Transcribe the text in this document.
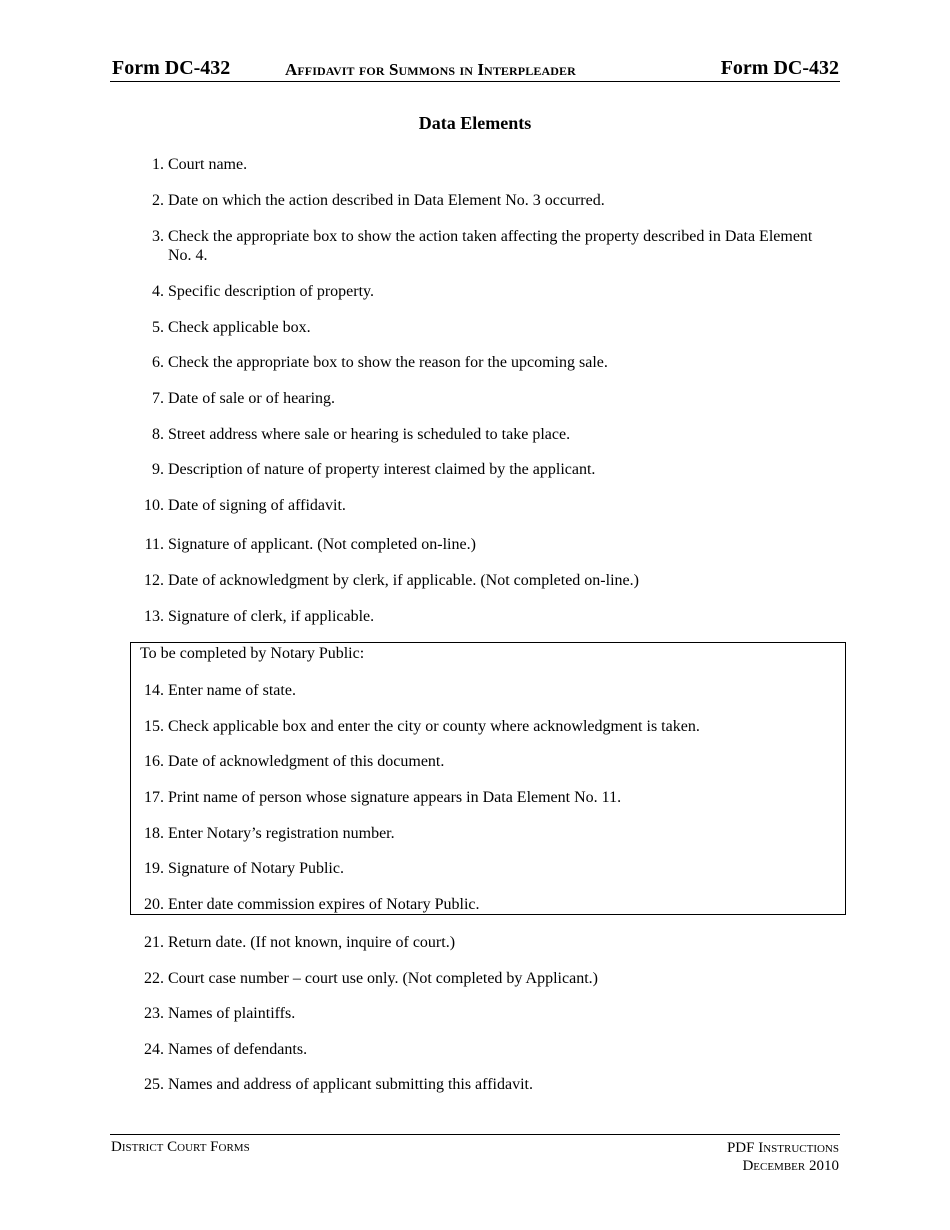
Form DC-432	Affidavit for Summons in Interpleader	Form DC-432
Data Elements
1. Court name.
2. Date on which the action described in Data Element No. 3 occurred.
3. Check the appropriate box to show the action taken affecting the property described in Data Element No. 4.
4. Specific description of property.
5. Check applicable box.
6. Check the appropriate box to show the reason for the upcoming sale.
7. Date of sale or of hearing.
8. Street address where sale or hearing is scheduled to take place.
9. Description of nature of property interest claimed by the applicant.
10. Date of signing of affidavit.
11. Signature of applicant. (Not completed on-line.)
12. Date of acknowledgment by clerk, if applicable. (Not completed on-line.)
13. Signature of clerk, if applicable.
To be completed by Notary Public:
14. Enter name of state.
15. Check applicable box and enter the city or county where acknowledgment is taken.
16. Date of acknowledgment of this document.
17. Print name of person whose signature appears in Data Element No. 11.
18. Enter Notary’s registration number.
19. Signature of Notary Public.
20. Enter date commission expires of Notary Public.
21. Return date. (If not known, inquire of court.)
22. Court case number – court use only. (Not completed by Applicant.)
23. Names of plaintiffs.
24. Names of defendants.
25. Names and address of applicant submitting this affidavit.
District Court Forms	PDF Instructions
December 2010
